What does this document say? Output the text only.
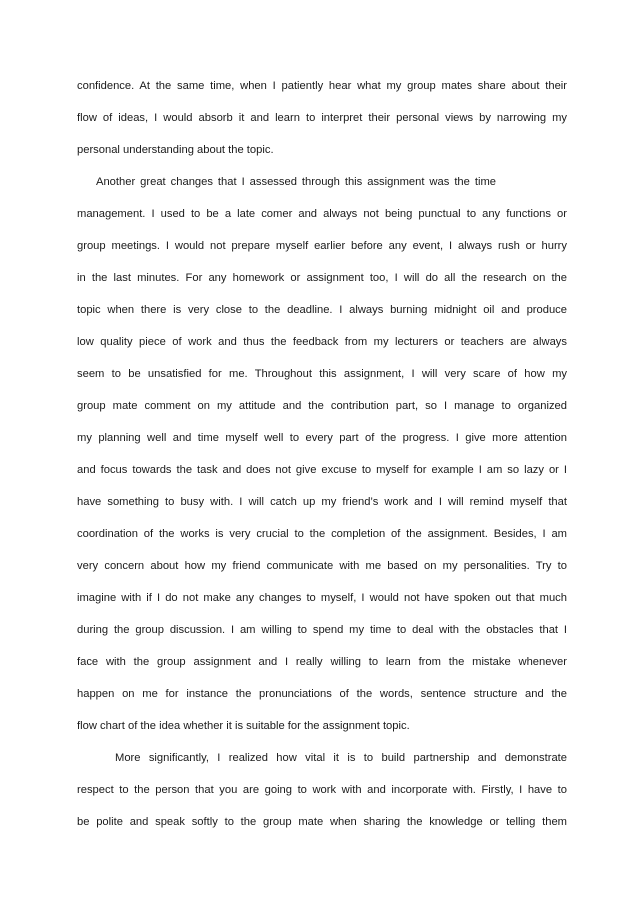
confidence. At the same time, when I patiently hear what my group mates share about their
flow of ideas, I would absorb it and learn to interpret their personal views by narrowing my
personal understanding about the topic.
Another great changes that I assessed through this assignment was the time
management. I used to be a late comer and always not being punctual to any functions or
group meetings. I would not prepare myself earlier before any event, I always rush or hurry
in the last minutes. For any homework or assignment too, I will do all the research on the
topic when there is very close to the deadline. I always burning midnight oil and produce
low quality piece of work and thus the feedback from my lecturers or teachers are always
seem to be unsatisfied for me. Throughout this assignment, I will very scare of how my
group mate comment on my attitude and the contribution part, so I manage to organized
my planning well and time myself well to every part of the progress. I give more attention
and focus towards the task and does not give excuse to myself for example I am so lazy or I
have something to busy with. I will catch up my friend’s work and I will remind myself that
coordination of the works is very crucial to the completion of the assignment. Besides, I am
very concern about how my friend communicate with me based on my personalities. Try to
imagine with if I do not make any changes to myself, I would not have spoken out that much
during the group discussion. I am willing to spend my time to deal with the obstacles that I
face with the group assignment and I really willing to learn from the mistake whenever
happen on me for instance the pronunciations of the words, sentence structure and the
flow chart of the idea whether it is suitable for the assignment topic.
More significantly, I realized how vital it is to build partnership and demonstrate
respect to the person that you are going to work with and incorporate with. Firstly, I have to
be polite and speak softly to the group mate when sharing the knowledge or telling them
